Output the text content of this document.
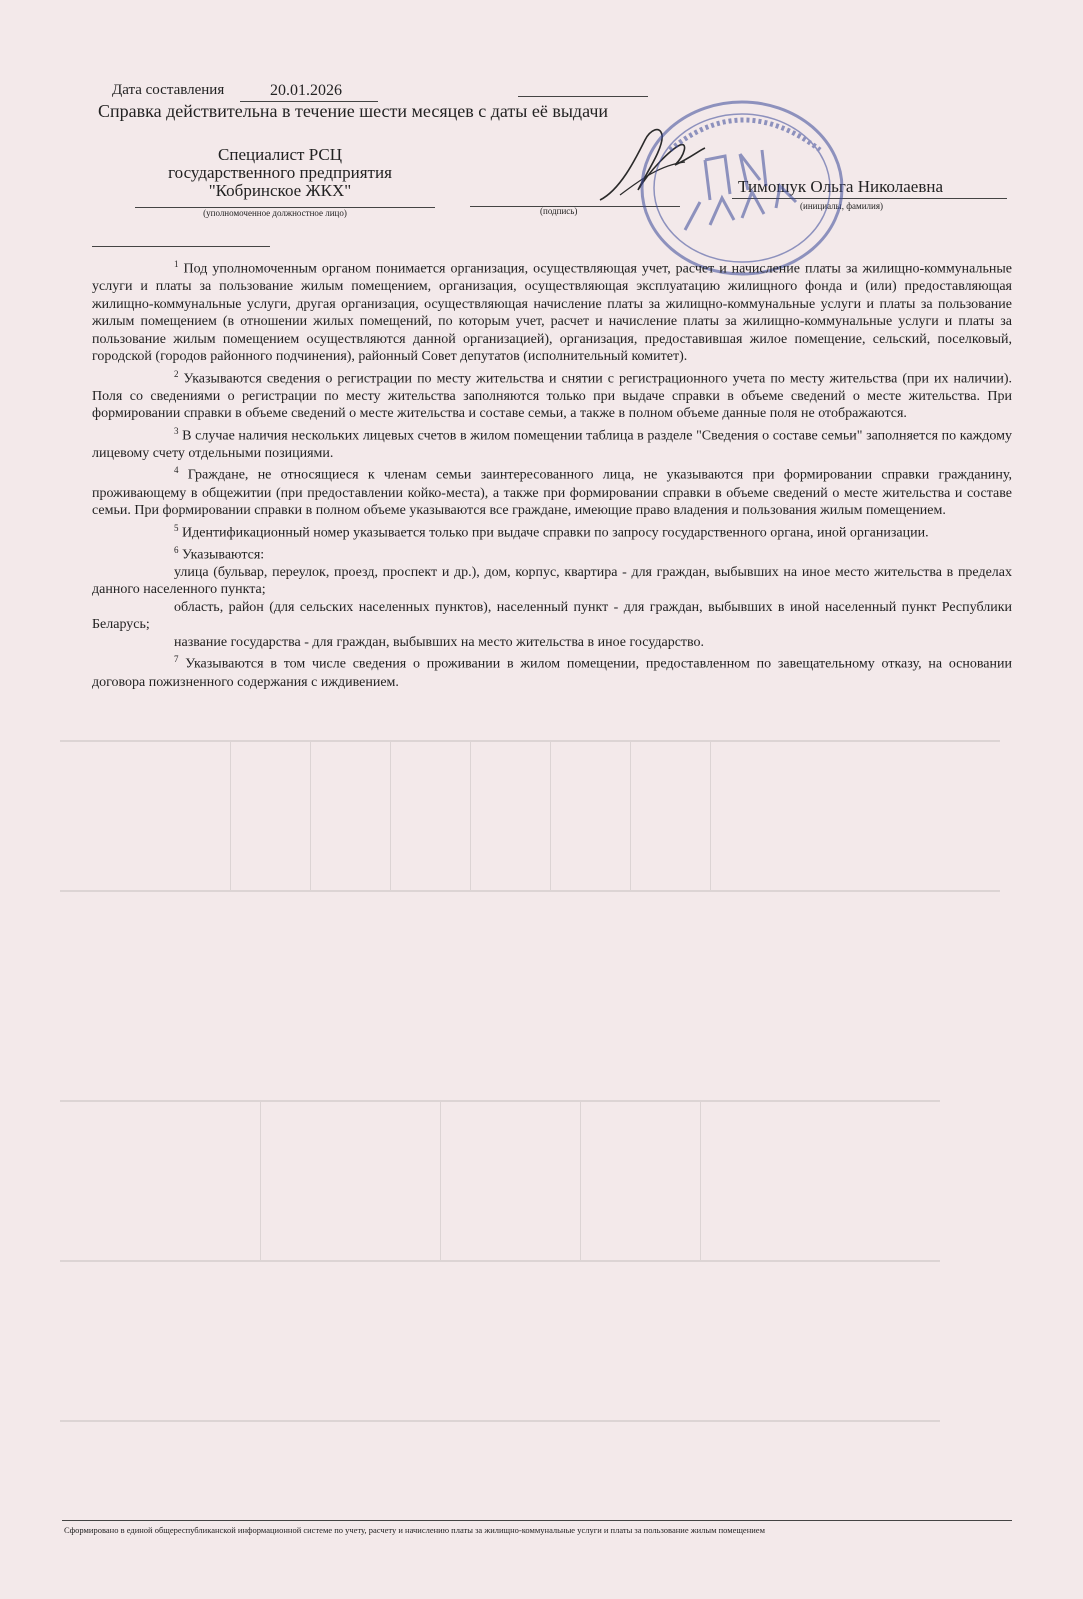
Дата составления	20.01.2026
Справка действительна в течение шести месяцев с даты её выдачи
Специалист РСЦ
государственного предприятия
"Кобринское ЖКХ"
(уполномоченное должностное лицо)	(подпись)
Тимошук Ольга Николаевна
(инициалы, фамилия)

$^1$ Под уполномоченным органом понимается организация, осуществляющая учет, расчет и начисление платы за жилищно-коммунальные услуги и платы за пользование жилым помещением, организация, осуществляющая эксплуатацию жилищного фонда и (или) предоставляющая жилищно-коммунальные услуги, другая организация, осуществляющая начисление платы за жилищно-коммунальные услуги и платы за пользование жилым помещением (в отношении жилых помещений, по которым учет, расчет и начисление платы за жилищно-коммунальные услуги и платы за пользование жилым помещением осуществляются данной организацией), организация, предоставившая жилое помещение, сельский, поселковый, городской (городов районного подчинения), районный Совет депутатов (исполнительный комитет).

$^2$ Указываются сведения о регистрации по месту жительства и снятии с регистрационного учета по месту жительства (при их наличии). Поля со сведениями о регистрации по месту жительства заполняются только при выдаче справки в объеме сведений о месте жительства. При формировании справки в объеме сведений о месте жительства и составе семьи, а также в полном объеме данные поля не отображаются.

$^3$ В случае наличия нескольких лицевых счетов в жилом помещении таблица в разделе "Сведения о составе семьи" заполняется по каждому лицевому счету отдельными позициями.

$^4$ Граждане, не относящиеся к членам семьи заинтересованного лица, не указываются при формировании справки гражданину, проживающему в общежитии (при предоставлении койко-места), а также при формировании справки в объеме сведений о месте жительства и составе семьи. При формировании справки в полном объеме указываются все граждане, имеющие право владения и пользования жилым помещением.

$^5$ Идентификационный номер указывается только при выдаче справки по запросу государственного органа, иной организации.

$^6$ Указываются:

улица (бульвар, переулок, проезд, проспект и др.), дом, корпус, квартира - для граждан, выбывших на иное место жительства в пределах данного населенного пункта;

область, район (для сельских населенных пунктов), населенный пункт - для граждан, выбывших в иной населенный пункт Республики Беларусь;

название государства - для граждан, выбывших на место жительства в иное государство.

$^7$ Указываются в том числе сведения о проживании в жилом помещении, предоставленном по завещательному отказу, на основании договора пожизненного содержания с иждивением.

Сформировано в единой общереспубликанской информационной системе по учету, расчету и начислению платы за жилищно-коммунальные услуги и платы за пользование жилым помещением
